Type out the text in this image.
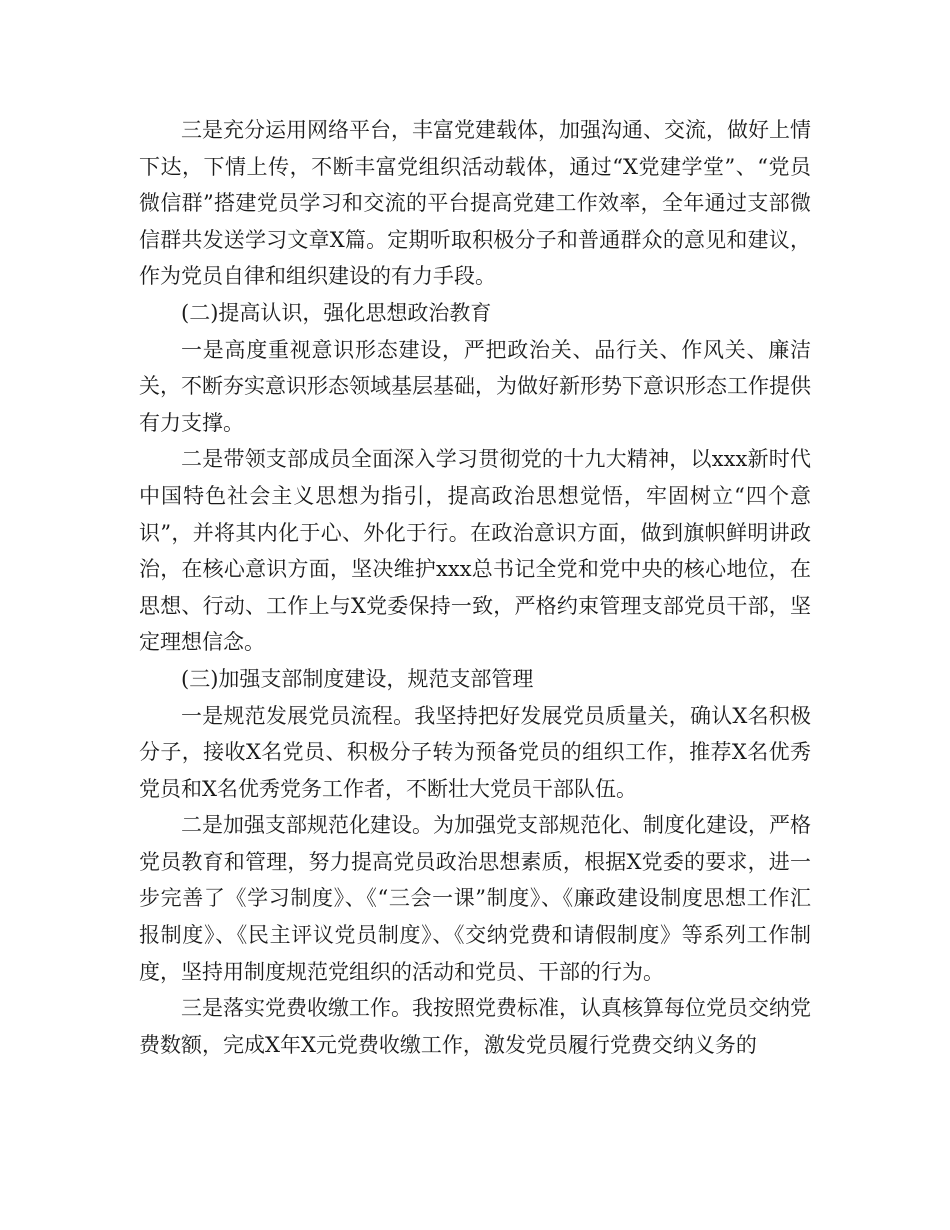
三是充分运用网络平台，丰富党建载体，加强沟通、交流，做好上情下达，下情上传，不断丰富党组织活动载体，通过“X党建学堂”、“党员微信群”搭建党员学习和交流的平台提高党建工作效率，全年通过支部微信群共发送学习文章X篇。定期听取积极分子和普通群众的意见和建议，作为党员自律和组织建设的有力手段。

(二)提高认识，强化思想政治教育

一是高度重视意识形态建设，严把政治关、品行关、作风关、廉洁关，不断夯实意识形态领域基层基础，为做好新形势下意识形态工作提供有力支撑。

二是带领支部成员全面深入学习贯彻党的十九大精神，以xxx新时代中国特色社会主义思想为指引，提高政治思想觉悟，牢固树立“四个意识”，并将其内化于心、外化于行。在政治意识方面，做到旗帜鲜明讲政治，在核心意识方面，坚决维护xxx总书记全党和党中央的核心地位，在思想、行动、工作上与X党委保持一致，严格约束管理支部党员干部，坚定理想信念。

(三)加强支部制度建设，规范支部管理

一是规范发展党员流程。我坚持把好发展党员质量关，确认X名积极分子，接收X名党员、积极分子转为预备党员的组织工作，推荐X名优秀党员和X名优秀党务工作者，不断壮大党员干部队伍。

二是加强支部规范化建设。为加强党支部规范化、制度化建设，严格党员教育和管理，努力提高党员政治思想素质，根据X党委的要求，进一步完善了《学习制度》、《“三会一课”制度》、《廉政建设制度思想工作汇报制度》、《民主评议党员制度》、《交纳党费和请假制度》等系列工作制度，坚持用制度规范党组织的活动和党员、干部的行为。

三是落实党费收缴工作。我按照党费标准，认真核算每位党员交纳党费数额，完成X年X元党费收缴工作，激发党员履行党费交纳义务的
